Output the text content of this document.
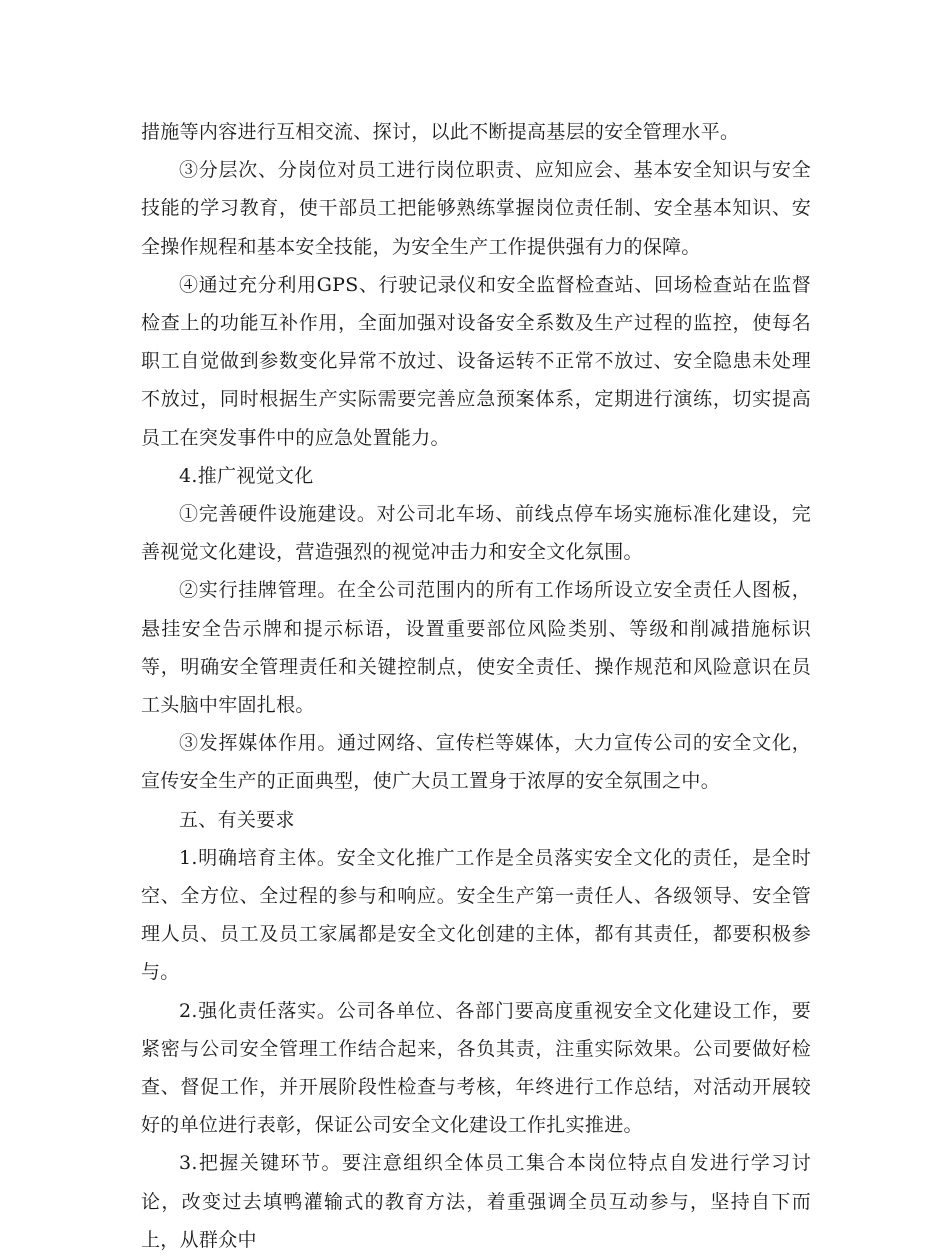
措施等内容进行互相交流、探讨，以此不断提高基层的安全管理水平。

③分层次、分岗位对员工进行岗位职责、应知应会、基本安全知识与安全技能的学习教育，使干部员工把能够熟练掌握岗位责任制、安全基本知识、安全操作规程和基本安全技能，为安全生产工作提供强有力的保障。

④通过充分利用GPS、行驶记录仪和安全监督检查站、回场检查站在监督检查上的功能互补作用，全面加强对设备安全系数及生产过程的监控，使每名职工自觉做到参数变化异常不放过、设备运转不正常不放过、安全隐患未处理不放过，同时根据生产实际需要完善应急预案体系，定期进行演练，切实提高员工在突发事件中的应急处置能力。

4.推广视觉文化

①完善硬件设施建设。对公司北车场、前线点停车场实施标准化建设，完善视觉文化建设，营造强烈的视觉冲击力和安全文化氛围。

②实行挂牌管理。在全公司范围内的所有工作场所设立安全责任人图板，悬挂安全告示牌和提示标语，设置重要部位风险类别、等级和削减措施标识等，明确安全管理责任和关键控制点，使安全责任、操作规范和风险意识在员工头脑中牢固扎根。

③发挥媒体作用。通过网络、宣传栏等媒体，大力宣传公司的安全文化，宣传安全生产的正面典型，使广大员工置身于浓厚的安全氛围之中。

五、有关要求

1.明确培育主体。安全文化推广工作是全员落实安全文化的责任，是全时空、全方位、全过程的参与和响应。安全生产第一责任人、各级领导、安全管理人员、员工及员工家属都是安全文化创建的主体，都有其责任，都要积极参与。

2.强化责任落实。公司各单位、各部门要高度重视安全文化建设工作，要紧密与公司安全管理工作结合起来，各负其责，注重实际效果。公司要做好检查、督促工作，并开展阶段性检查与考核，年终进行工作总结，对活动开展较好的单位进行表彰，保证公司安全文化建设工作扎实推进。

3.把握关键环节。要注意组织全体员工集合本岗位特点自发进行学习讨论，改变过去填鸭灌输式的教育方法，着重强调全员互动参与，坚持自下而上，从群众中
